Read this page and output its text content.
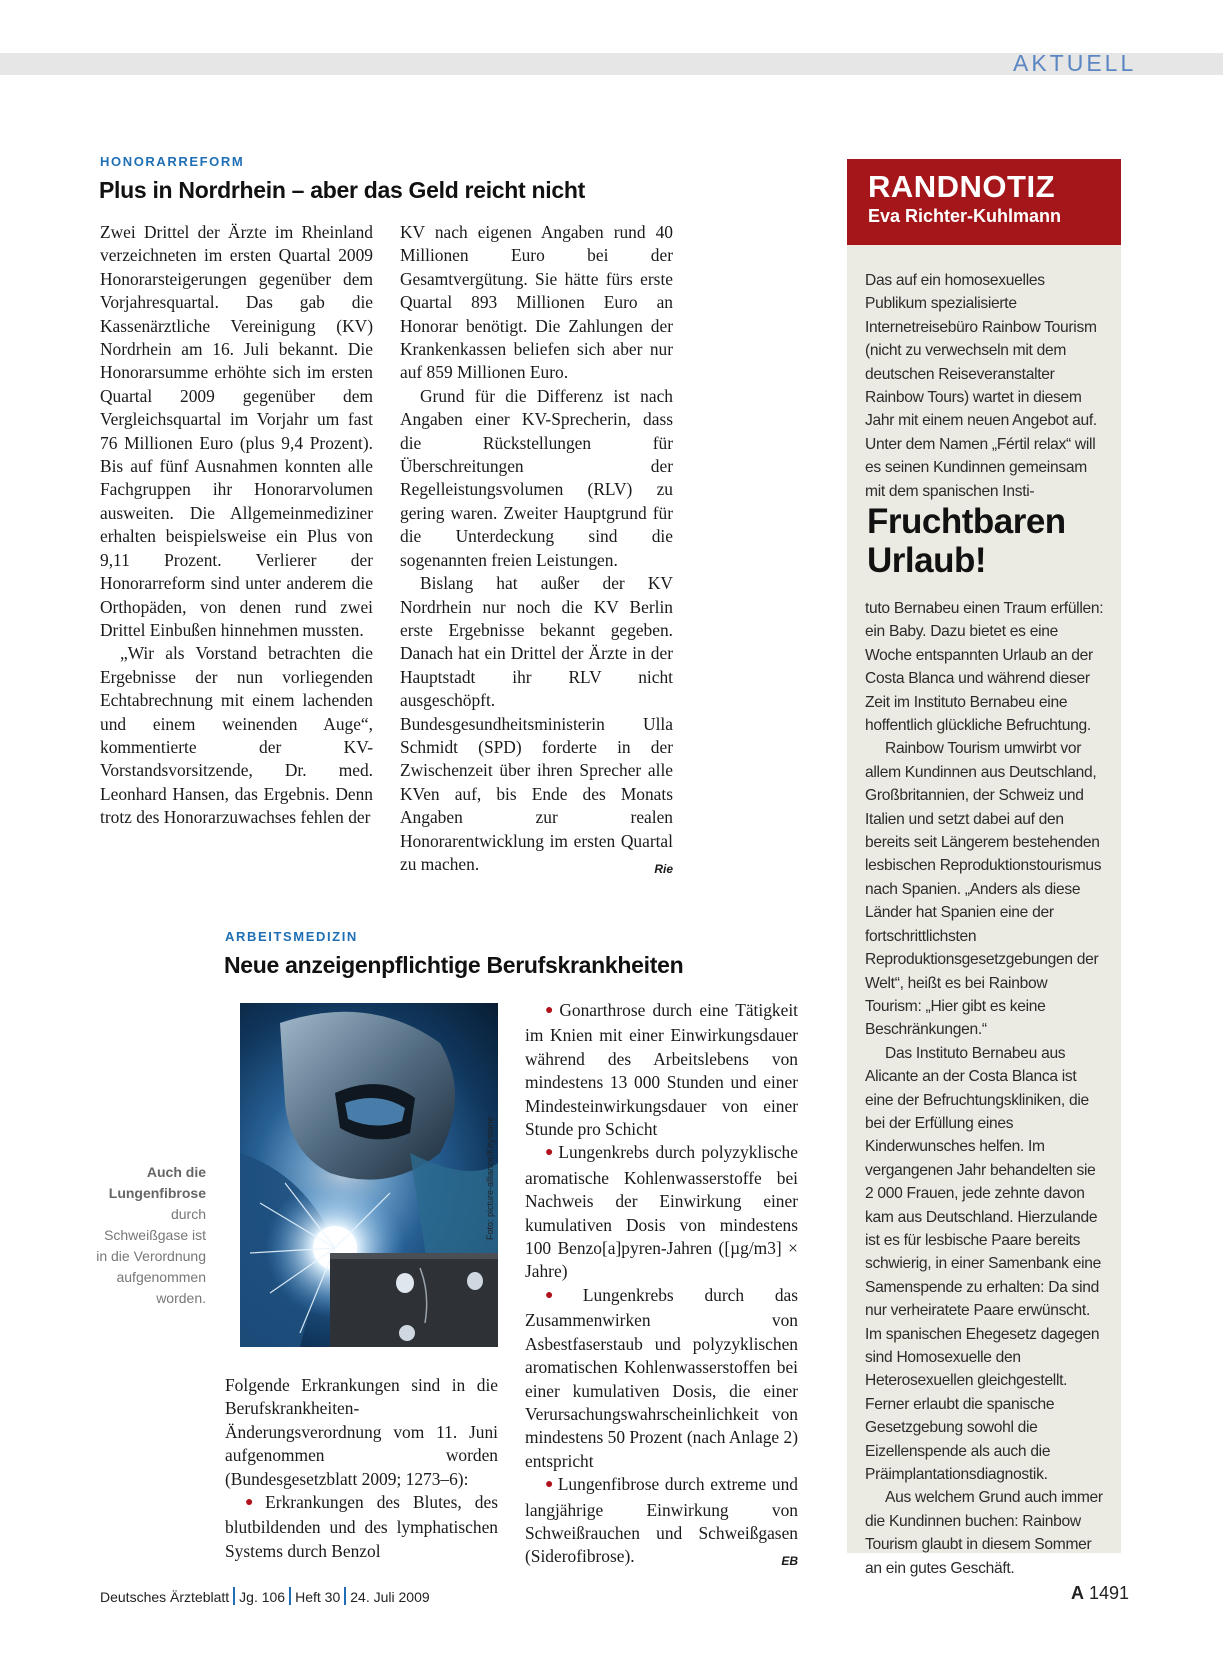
AKTUELL
HONORARREFORM
Plus in Nordrhein – aber das Geld reicht nicht

Zwei Drittel der Ärzte im Rheinland verzeichneten im ersten Quartal 2009 Honorarsteigerungen gegenüber dem Vorjahresquartal. Das gab die Kassenärztliche Vereinigung (KV) Nordrhein am 16. Juli bekannt. Die Honorarsumme erhöhte sich im ersten Quartal 2009 gegenüber dem Vergleichsquartal im Vorjahr um fast 76 Millionen Euro (plus 9,4 Prozent). Bis auf fünf Ausnahmen konnten alle Fachgruppen ihr Honorarvolumen ausweiten. Die Allgemeinmediziner erhalten beispielsweise ein Plus von 9,11 Prozent. Verlierer der Honorarreform sind unter anderem die Orthopäden, von denen rund zwei Drittel Einbußen hinnehmen mussten.

„Wir als Vorstand betrachten die Ergebnisse der nun vorliegenden Echtabrechnung mit einem lachenden und einem weinenden Auge“, kommentierte der KV-Vorstandsvorsitzende, Dr. med. Leonhard Hansen, das Ergebnis. Denn trotz des Honorarzuwachses fehlen der

KV nach eigenen Angaben rund 40 Millionen Euro bei der Gesamtvergütung. Sie hätte fürs erste Quartal 893 Millionen Euro an Honorar benötigt. Die Zahlungen der Krankenkassen beliefen sich aber nur auf 859 Millionen Euro.

Grund für die Differenz ist nach Angaben einer KV-Sprecherin, dass die Rückstellungen für Überschreitungen der Regelleistungsvolumen (RLV) zu gering waren. Zweiter Hauptgrund für die Unterdeckung sind die sogenannten freien Leistungen.

Bislang hat außer der KV Nordrhein nur noch die KV Berlin erste Ergebnisse bekannt gegeben. Danach hat ein Drittel der Ärzte in der Hauptstadt ihr RLV nicht ausgeschöpft. Bundesgesundheitsministerin Ulla Schmidt (SPD) forderte in der Zwischenzeit über ihren Sprecher alle KVen auf, bis Ende des Monats Angaben zur realen Honorarentwicklung im ersten Quartal zu machen.	Rie

ARBEITSMEDIZIN
Neue anzeigenpflichtige Berufskrankheiten
Foto: picture-alliance/Keystone
Auch die Lungenfibrose durch Schweißgase ist in die Verordnung aufgenommen worden.

Folgende Erkrankungen sind in die Berufskrankheiten-Änderungsverordnung vom 11. Juni aufgenommen worden (Bundesgesetzblatt 2009; 1273–6):

● Erkrankungen des Blutes, des blutbildenden und des lymphatischen Systems durch Benzol

● Gonarthrose durch eine Tätigkeit im Knien mit einer Einwirkungsdauer während des Arbeitslebens von mindestens 13 000 Stunden und einer Mindesteinwirkungsdauer von einer Stunde pro Schicht

● Lungenkrebs durch polyzyklische aromatische Kohlenwasserstoffe bei Nachweis der Einwirkung einer kumulativen Dosis von mindestens 100 Benzo[a]pyren-Jahren ([µg/m3] × Jahre)

● Lungenkrebs durch das Zusammenwirken von Asbestfaserstaub und polyzyklischen aromatischen Kohlenwasserstoffen bei einer kumulativen Dosis, die einer Verursachungswahrscheinlichkeit von mindestens 50 Prozent (nach Anlage 2) entspricht

● Lungenfibrose durch extreme und langjährige Einwirkung von Schweißrauchen und Schweißgasen (Siderofibrose).	EB

RANDNOTIZ
Eva Richter-Kuhlmann

Das auf ein homosexuelles Publikum spezialisierte Internetreisebüro Rainbow Tourism (nicht zu verwechseln mit dem deutschen Reiseveranstalter Rainbow Tours) wartet in diesem Jahr mit einem neuen Angebot auf. Unter dem Namen „Fértil relax“ will es seinen Kundinnen gemeinsam mit dem spanischen Insti-

Fruchtbaren
Urlaub!

tuto Bernabeu einen Traum erfüllen: ein Baby. Dazu bietet es eine Woche entspannten Urlaub an der Costa Blanca und während dieser Zeit im Instituto Bernabeu eine hoffentlich glückliche Befruchtung.

Rainbow Tourism umwirbt vor allem Kundinnen aus Deutschland, Großbritannien, der Schweiz und Italien und setzt dabei auf den bereits seit Längerem bestehenden lesbischen Reproduktionstourismus nach Spanien. „Anders als diese Länder hat Spanien eine der fortschrittlichsten Reproduktionsgesetzgebungen der Welt“, heißt es bei Rainbow Tourism: „Hier gibt es keine Beschränkungen.“

Das Instituto Bernabeu aus Alicante an der Costa Blanca ist eine der Befruchtungskliniken, die bei der Erfüllung eines Kinderwunsches helfen. Im vergangenen Jahr behandelten sie 2 000 Frauen, jede zehnte davon kam aus Deutschland. Hierzulande ist es für lesbische Paare bereits schwierig, in einer Samenbank eine Samenspende zu erhalten: Da sind nur verheiratete Paare erwünscht. Im spanischen Ehegesetz dagegen sind Homosexuelle den Heterosexuellen gleichgestellt. Ferner erlaubt die spanische Gesetzgebung sowohl die Eizellenspende als auch die Präimplantationsdiagnostik.

Aus welchem Grund auch immer die Kundinnen buchen: Rainbow Tourism glaubt in diesem Sommer an ein gutes Geschäft.

Deutsches Ärzteblatt Jg. 106 Heft 30 24. Juli 2009	A 1491
